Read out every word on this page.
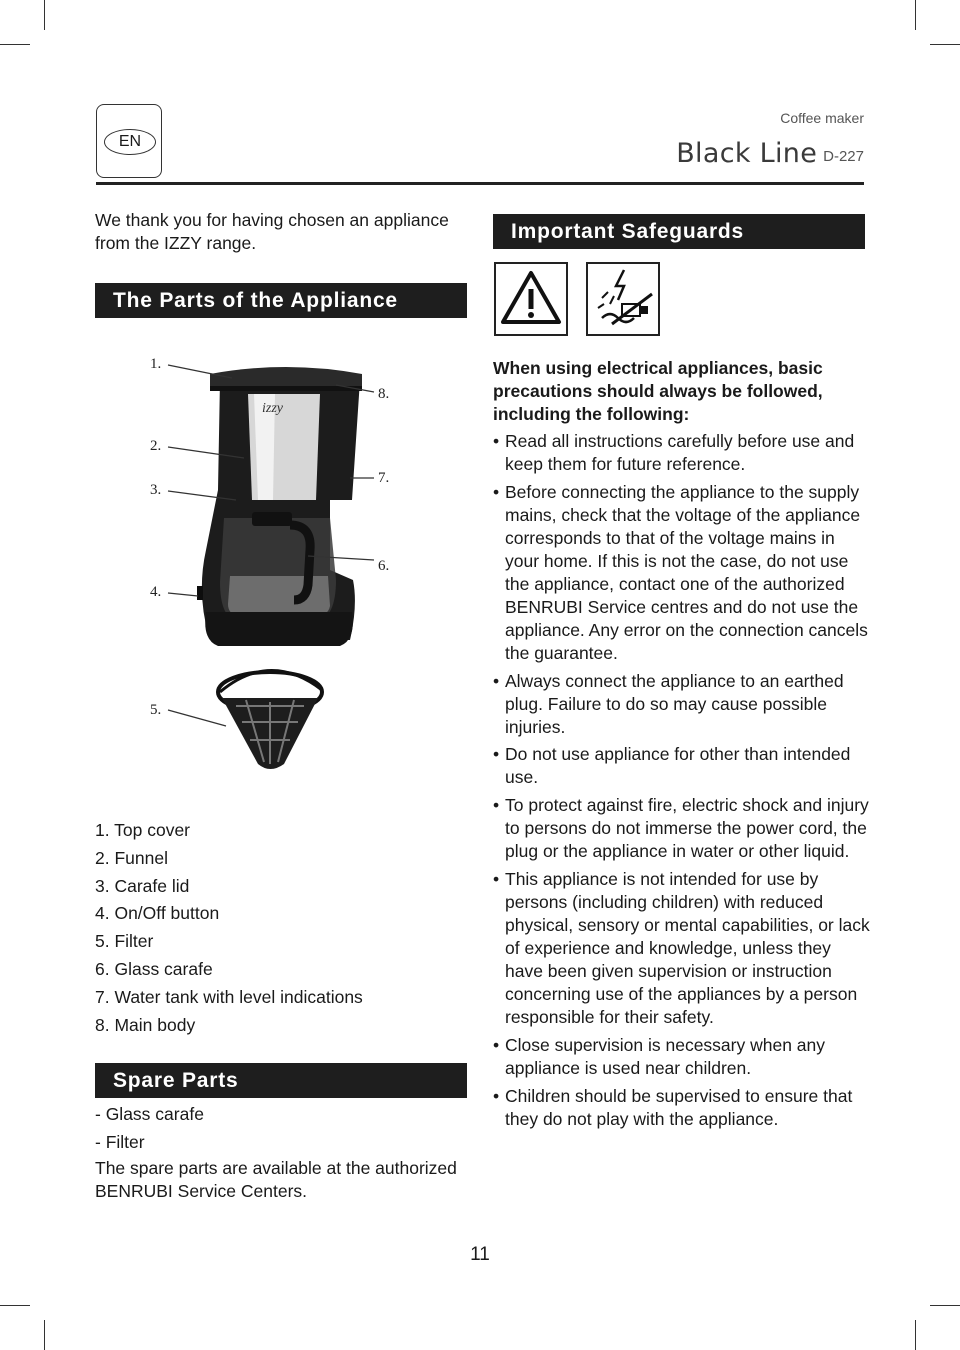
EN
Coffee maker
Black Line D-227
We thank you for having chosen an appliance from the IZZY range.
The Parts of the Appliance
izzy
1.
2.
3.
4.
5.
6.
7.
8.
1. Top cover
2. Funnel
3. Carafe lid
4. On/Off button
5. Filter
6. Glass carafe
7. Water tank with level indications
8. Main body
Spare Parts
- Glass carafe
- Filter
The spare parts are available at the authorized BENRUBI Service Centers.
Important Safeguards
When using electrical appliances, basic precautions should always be followed, including the following:
• Read all instructions carefully before use and keep them for future reference.
• Before connecting the appliance to the supply mains, check that the voltage of the appliance corresponds to that of the voltage mains in your home. If this is not the case, do not use the appliance, contact one of the authorized BENRUBI Service centres and do not use the appliance. Any error on the connection cancels the guarantee.
• Always connect the appliance to an earthed plug. Failure to do so may cause possible injuries.
• Do not use appliance for other than intended use.
• To protect against fire, electric shock and injury to persons do not immerse the power cord, the plug or the appliance in water or other liquid.
• This appliance is not intended for use by persons (including children) with reduced physical, sensory or mental capabilities, or lack of experience and knowledge, unless they have been given supervision or instruction concerning use of the appliances by a person responsible for their safety.
• Close supervision is necessary when any appliance is used near children.
• Children should be supervised to ensure that they do not play with the appliance.
11
